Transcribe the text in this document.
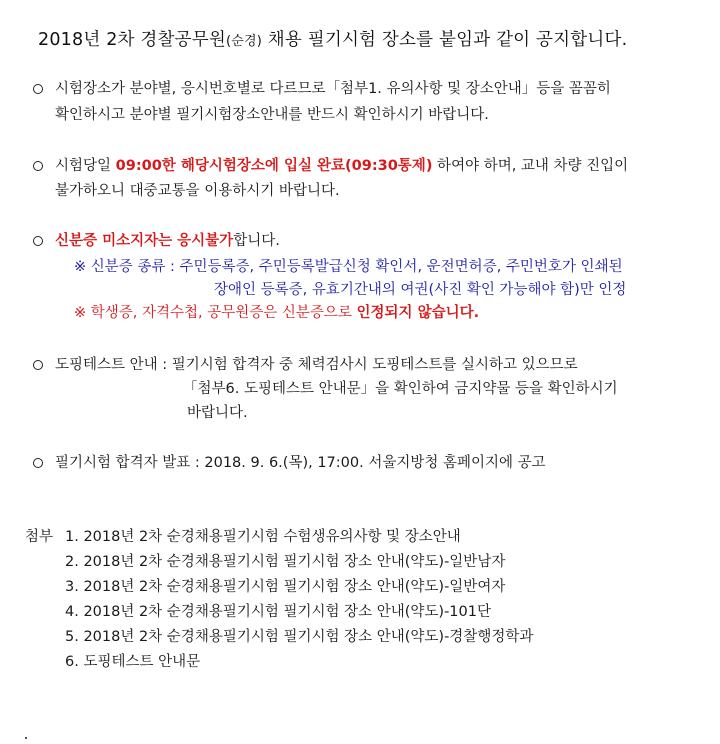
2018년 2차 경찰공무원(순경) 채용 필기시험 장소를 붙임과 같이 공지합니다.
시험장소가 분야별, 응시번호별로 다르므로「첨부1. 유의사항 및 장소안내」등을 꼼꼼히
확인하시고 분야별 필기시험장소안내를 반드시 확인하시기 바랍니다.
시험당일 09:00한 해당시험장소에 입실 완료(09:30통제) 하여야 하며, 교내 차량 진입이
불가하오니 대중교통을 이용하시기 바랍니다.
신분증 미소지자는 응시불가합니다.
※ 신분증 종류 : 주민등록증, 주민등록발급신청 확인서, 운전면허증, 주민번호가 인쇄된
장애인 등록증, 유효기간내의 여권(사진 확인 가능해야 함)만 인정
※ 학생증, 자격수첩, 공무원증은 신분증으로 인정되지 않습니다.
도핑테스트 안내 : 필기시험 합격자 중 체력검사시 도핑테스트를 실시하고 있으므로
「첨부6. 도핑테스트 안내문」을 확인하여 금지약물 등을 확인하시기
바랍니다.
필기시험 합격자 발표 : 2018. 9. 6.(목), 17:00. 서울지방청 홈페이지에 공고
첨부 1. 2018년 2차 순경채용필기시험 수험생유의사항 및 장소안내
2. 2018년 2차 순경채용필기시험 필기시험 장소 안내(약도)-일반남자
3. 2018년 2차 순경채용필기시험 필기시험 장소 안내(약도)-일반여자
4. 2018년 2차 순경채용필기시험 필기시험 장소 안내(약도)-101단
5. 2018년 2차 순경채용필기시험 필기시험 장소 안내(약도)-경찰행정학과
6. 도핑테스트 안내문
